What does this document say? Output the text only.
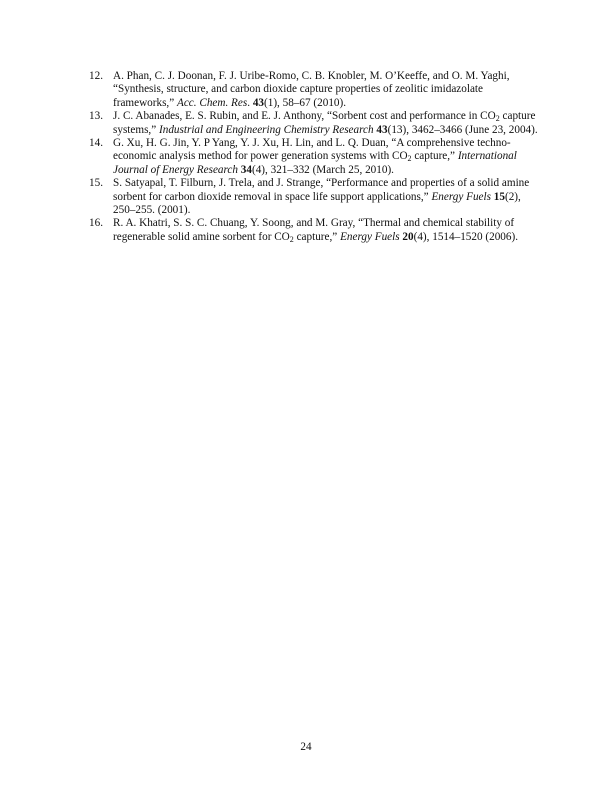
12. A. Phan, C. J. Doonan, F. J. Uribe-Romo, C. B. Knobler, M. O’Keeffe, and O. M. Yaghi, “Synthesis, structure, and carbon dioxide capture properties of zeolitic imidazolate frameworks,” Acc. Chem. Res. 43(1), 58–67 (2010).
13. J. C. Abanades, E. S. Rubin, and E. J. Anthony, “Sorbent cost and performance in $CO_2$ capture systems,” Industrial and Engineering Chemistry Research 43(13), 3462–3466 (June 23, 2004).
14. G. Xu, H. G. Jin, Y. P Yang, Y. J. Xu, H. Lin, and L. Q. Duan, “A comprehensive techno-economic analysis method for power generation systems with $CO_2$ capture,” International Journal of Energy Research 34(4), 321–332 (March 25, 2010).
15. S. Satyapal, T. Filburn, J. Trela, and J. Strange, “Performance and properties of a solid amine sorbent for carbon dioxide removal in space life support applications,” Energy Fuels 15(2), 250–255. (2001).
16. R. A. Khatri, S. S. C. Chuang, Y. Soong, and M. Gray, “Thermal and chemical stability of regenerable solid amine sorbent for $CO_2$ capture,” Energy Fuels 20(4), 1514–1520 (2006).
24
